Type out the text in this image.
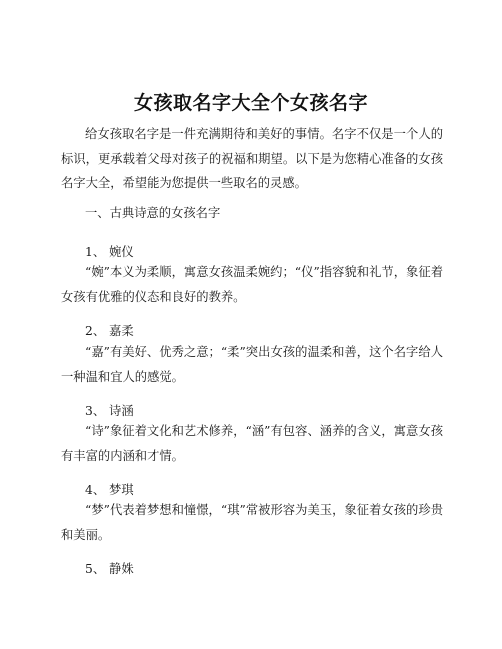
女孩取名字大全个女孩名字

给女孩取名字是一件充满期待和美好的事情。名字不仅是一个人的标识，更承载着父母对孩子的祝福和期望。以下是为您精心准备的女孩名字大全，希望能为您提供一些取名的灵感。

一、古典诗意的女孩名字

1、 婉仪

“婉”本义为柔顺，寓意女孩温柔婉约；“仪”指容貌和礼节，象征着女孩有优雅的仪态和良好的教养。

2、 嘉柔

“嘉”有美好、优秀之意；“柔”突出女孩的温柔和善，这个名字给人一种温和宜人的感觉。

3、 诗涵

“诗”象征着文化和艺术修养，“涵”有包容、涵养的含义，寓意女孩有丰富的内涵和才情。

4、 梦琪

“梦”代表着梦想和憧憬，“琪”常被形容为美玉，象征着女孩的珍贵和美丽。

5、 静姝
